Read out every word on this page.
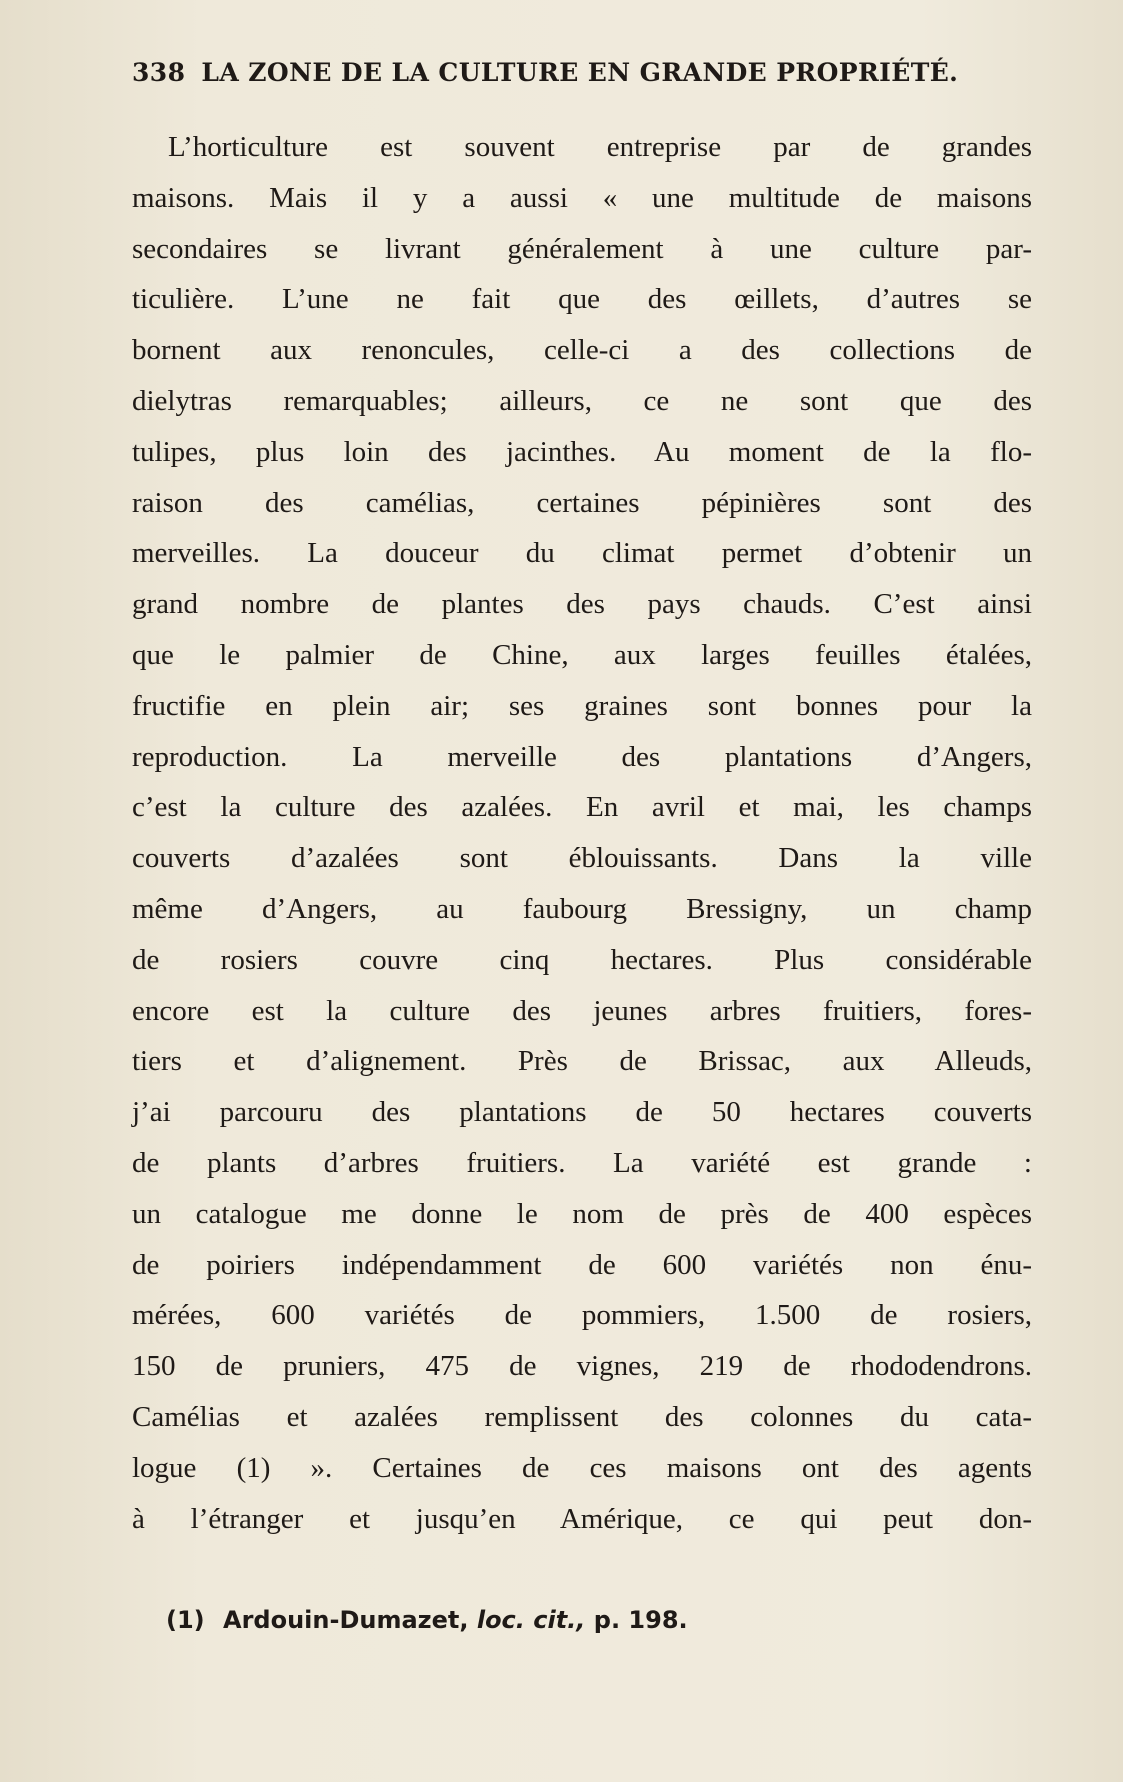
338 LA ZONE DE LA CULTURE EN GRANDE PROPRIÉTÉ.
L’horticulture est souvent entreprise par de grandes
maisons. Mais il y a aussi « une multitude de maisons
secondaires se livrant généralement à une culture par-
ticulière. L’une ne fait que des œillets, d’autres se
bornent aux renoncules, celle-ci a des collections de
dielytras remarquables; ailleurs, ce ne sont que des
tulipes, plus loin des jacinthes. Au moment de la flo-
raison des camélias, certaines pépinières sont des
merveilles. La douceur du climat permet d’obtenir un
grand nombre de plantes des pays chauds. C’est ainsi
que le palmier de Chine, aux larges feuilles étalées,
fructifie en plein air; ses graines sont bonnes pour la
reproduction. La merveille des plantations d’Angers,
c’est la culture des azalées. En avril et mai, les champs
couverts d’azalées sont éblouissants. Dans la ville
même d’Angers, au faubourg Bressigny, un champ
de rosiers couvre cinq hectares. Plus considérable
encore est la culture des jeunes arbres fruitiers, fores-
tiers et d’alignement. Près de Brissac, aux Alleuds,
j’ai parcouru des plantations de 50 hectares couverts
de plants d’arbres fruitiers. La variété est grande :
un catalogue me donne le nom de près de 400 espèces
de poiriers indépendamment de 600 variétés non énu-
mérées, 600 variétés de pommiers, 1.500 de rosiers,
150 de pruniers, 475 de vignes, 219 de rhododendrons.
Camélias et azalées remplissent des colonnes du cata-
logue (1) ». Certaines de ces maisons ont des agents
à l’étranger et jusqu’en Amérique, ce qui peut don-
(1) Ardouin-Dumazet, loc. cit., p. 198.
